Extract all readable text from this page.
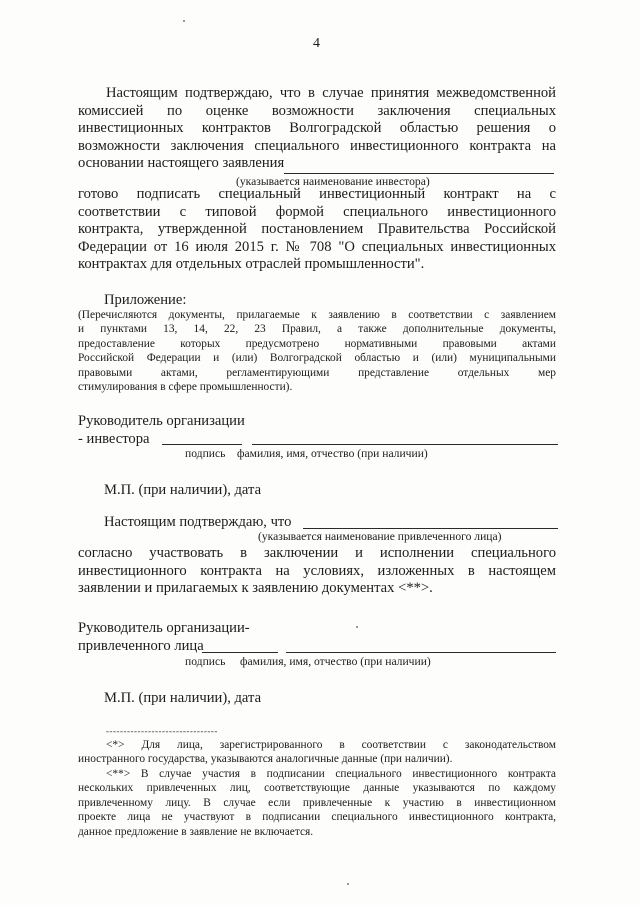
4
Настоящим подтверждаю, что в случае принятия межведомственной
комиссией по оценке возможности заключения специальных
инвестиционных контрактов Волгоградской областью решения о
возможности заключения специального инвестиционного контракта на
основании настоящего заявления
(указывается наименование инвестора)
готово подписать специальный инвестиционный контракт на с
соответствии с типовой формой специального инвестиционного
контракта, утвержденной постановлением Правительства Российской
Федерации от 16 июля 2015 г. № 708 "О специальных инвестиционных
контрактах для отдельных отраслей промышленности".
Приложение:
(Перечисляются документы, прилагаемые к заявлению в соответствии с заявлением
и пунктами 13, 14, 22, 23 Правил, а также дополнительные документы,
предоставление которых предусмотрено нормативными правовыми актами
Российской Федерации и (или) Волгоградской областью и (или) муниципальными
правовыми актами, регламентирующими представление отдельных мер
стимулирования в сфере промышленности).
Руководитель организации
- инвестора
подпись фамилия, имя, отчество (при наличии)
М.П. (при наличии), дата
Настоящим подтверждаю, что
(указывается наименование привлеченного лица)
согласно участвовать в заключении и исполнении специального
инвестиционного контракта на условиях, изложенных в настоящем
заявлении и прилагаемых к заявлению документах <**>.
Руководитель организации-
привлеченного лица
подпись фамилия, имя, отчество (при наличии)
М.П. (при наличии), дата
--------------------------------
<*> Для лица, зарегистрированного в соответствии с законодательством
иностранного государства, указываются аналогичные данные (при наличии).
<**> В случае участия в подписании специального инвестиционного контракта
нескольких привлеченных лиц, соответствующие данные указываются по каждому
привлеченному лицу. В случае если привлеченные к участию в инвестиционном
проекте лица не участвуют в подписании специального инвестиционного контракта,
данное предложение в заявление не включается.
